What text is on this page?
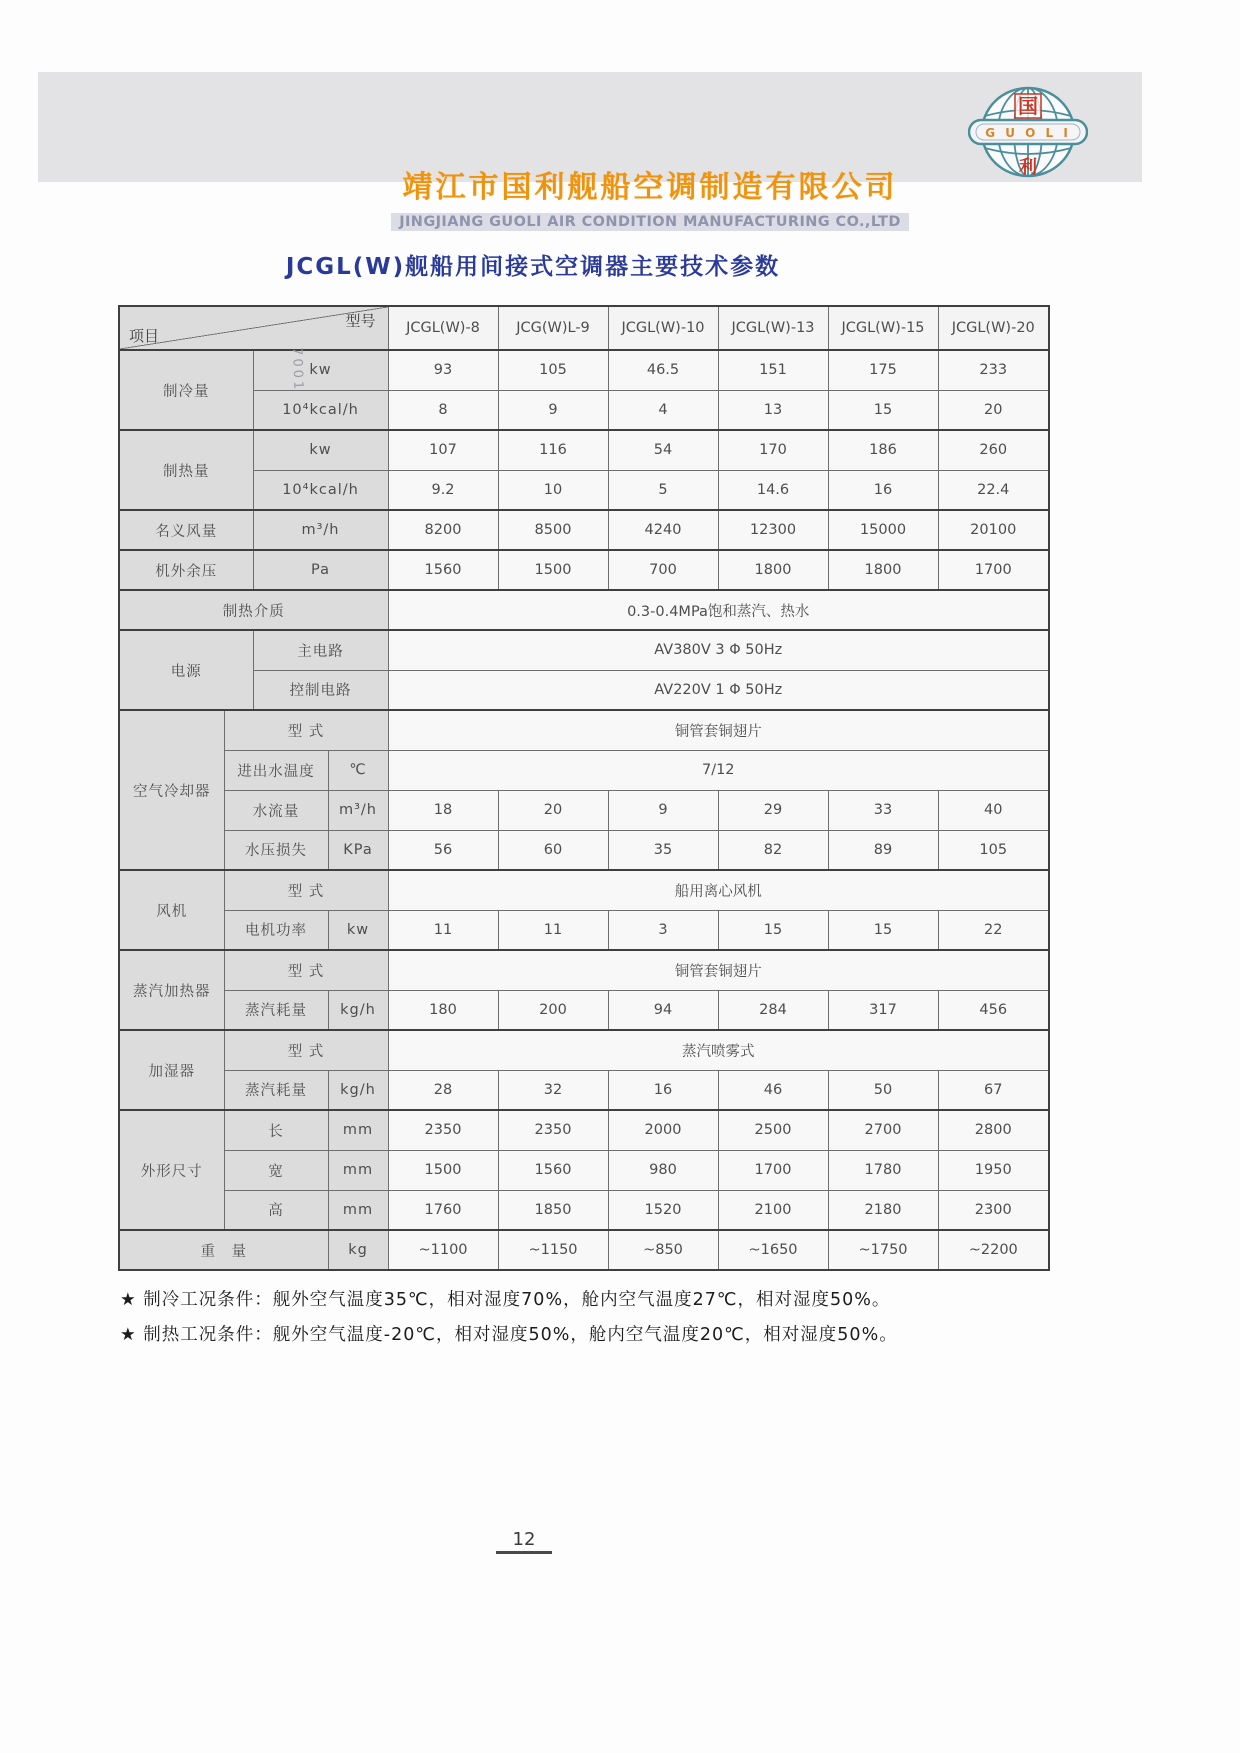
靖江市国利舰船空调制造有限公司
JINGJIANG GUOLI AIR CONDITION MANUFACTURING CO.,LTD
国
G U O L I
利
JCGL(W)舰船用间接式空调器主要技术参数
项目
型号				JCGL(W)-8	JCG(W)L-9	JCGL(W)-10	JCGL(W)-13	JCGL(W)-15	JCGL(W)-20
制冷量		kw		93	105	46.5	151	175	233
		10⁴kcal/h		8	9	4	13	15	20
制热量		kw		107	116	54	170	186	260
		10⁴kcal/h		9.2	10	5	14.6	16	22.4
名义风量		m³/h		8200	8500	4240	12300	15000	20100
机外余压		Pa		1560	1500	700	1800	1800	1700
制热介质				0.3-0.4MPa饱和蒸汽、热水					
电源		主电路		AV380V 3 Φ 50Hz					
		控制电路		AV220V 1 Φ 50Hz					
空气冷却器	型 式			铜管套铜翅片					
	进出水温度		℃	7/12					
	水流量		m³/h	18	20	9	29	33	40
	水压损失		KPa	56	60	35	82	89	105
风机	型 式			船用离心风机					
	电机功率		kw	11	11	3	15	15	22
蒸汽加热器	型 式			铜管套铜翅片					
	蒸汽耗量		kg/h	180	200	94	284	317	456
加湿器	型 式			蒸汽喷雾式					
	蒸汽耗量		kg/h	28	32	16	46	50	67
外形尺寸	长		mm	2350	2350	2000	2500	2700	2800
	宽		mm	1500	1560	980	1700	1780	1950
	高		mm	1760	1850	1520	2100	2180	2300
重　量			kg	~1100	~1150	~850	~1650	~1750	~2200
★ 制冷工况条件：舰外空气温度35℃，相对湿度70%，舱内空气温度27℃，相对湿度50%。
★ 制热工况条件：舰外空气温度-20℃，相对湿度50%，舱内空气温度20℃，相对湿度50%。
12
